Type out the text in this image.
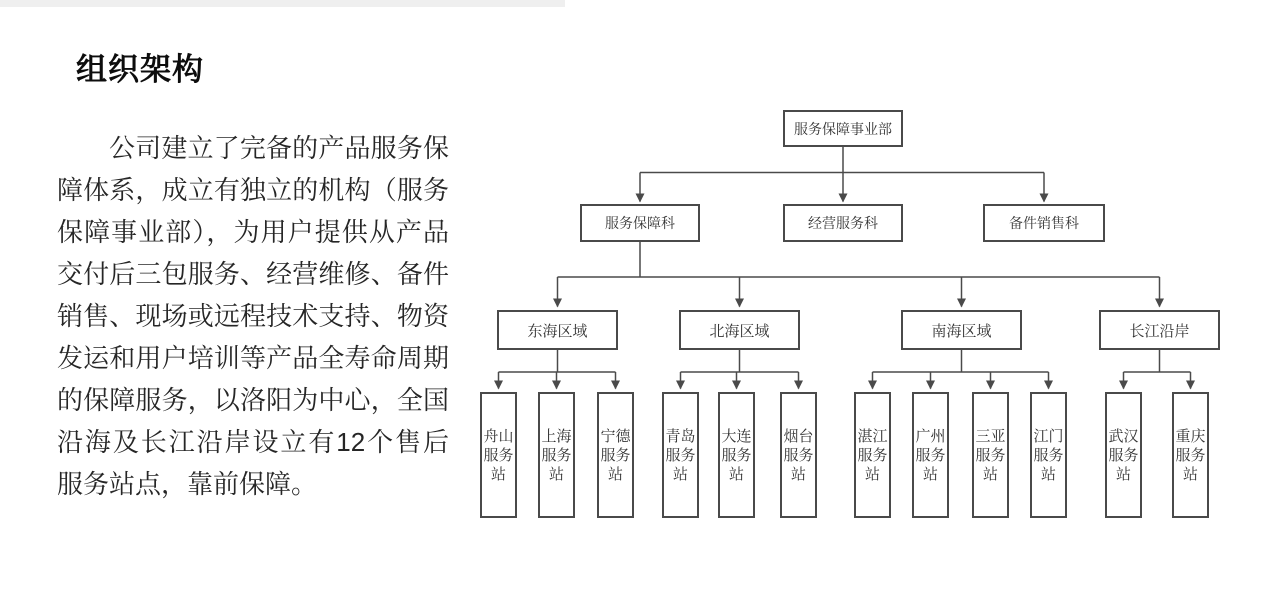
组织架构

公司建立了完备的产品服务保障体系，成立有独立的机构（服务保障事业部），为用户提供从产品交付后三包服务、经营维修、备件销售、现场或远程技术支持、物资发运和用户培训等产品全寿命周期的保障服务，以洛阳为中心，全国沿海及长江沿岸设立有12个售后服务站点，靠前保障。

服务保障事业部
服务保障科	经营服务科	备件销售科
东海区域	北海区域	南海区域	长江沿岸
舟山服务站
上海服务站
宁德服务站
青岛服务站
大连服务站
烟台服务站
湛江服务站
广州服务站
三亚服务站
江门服务站
武汉服务站
重庆服务站
